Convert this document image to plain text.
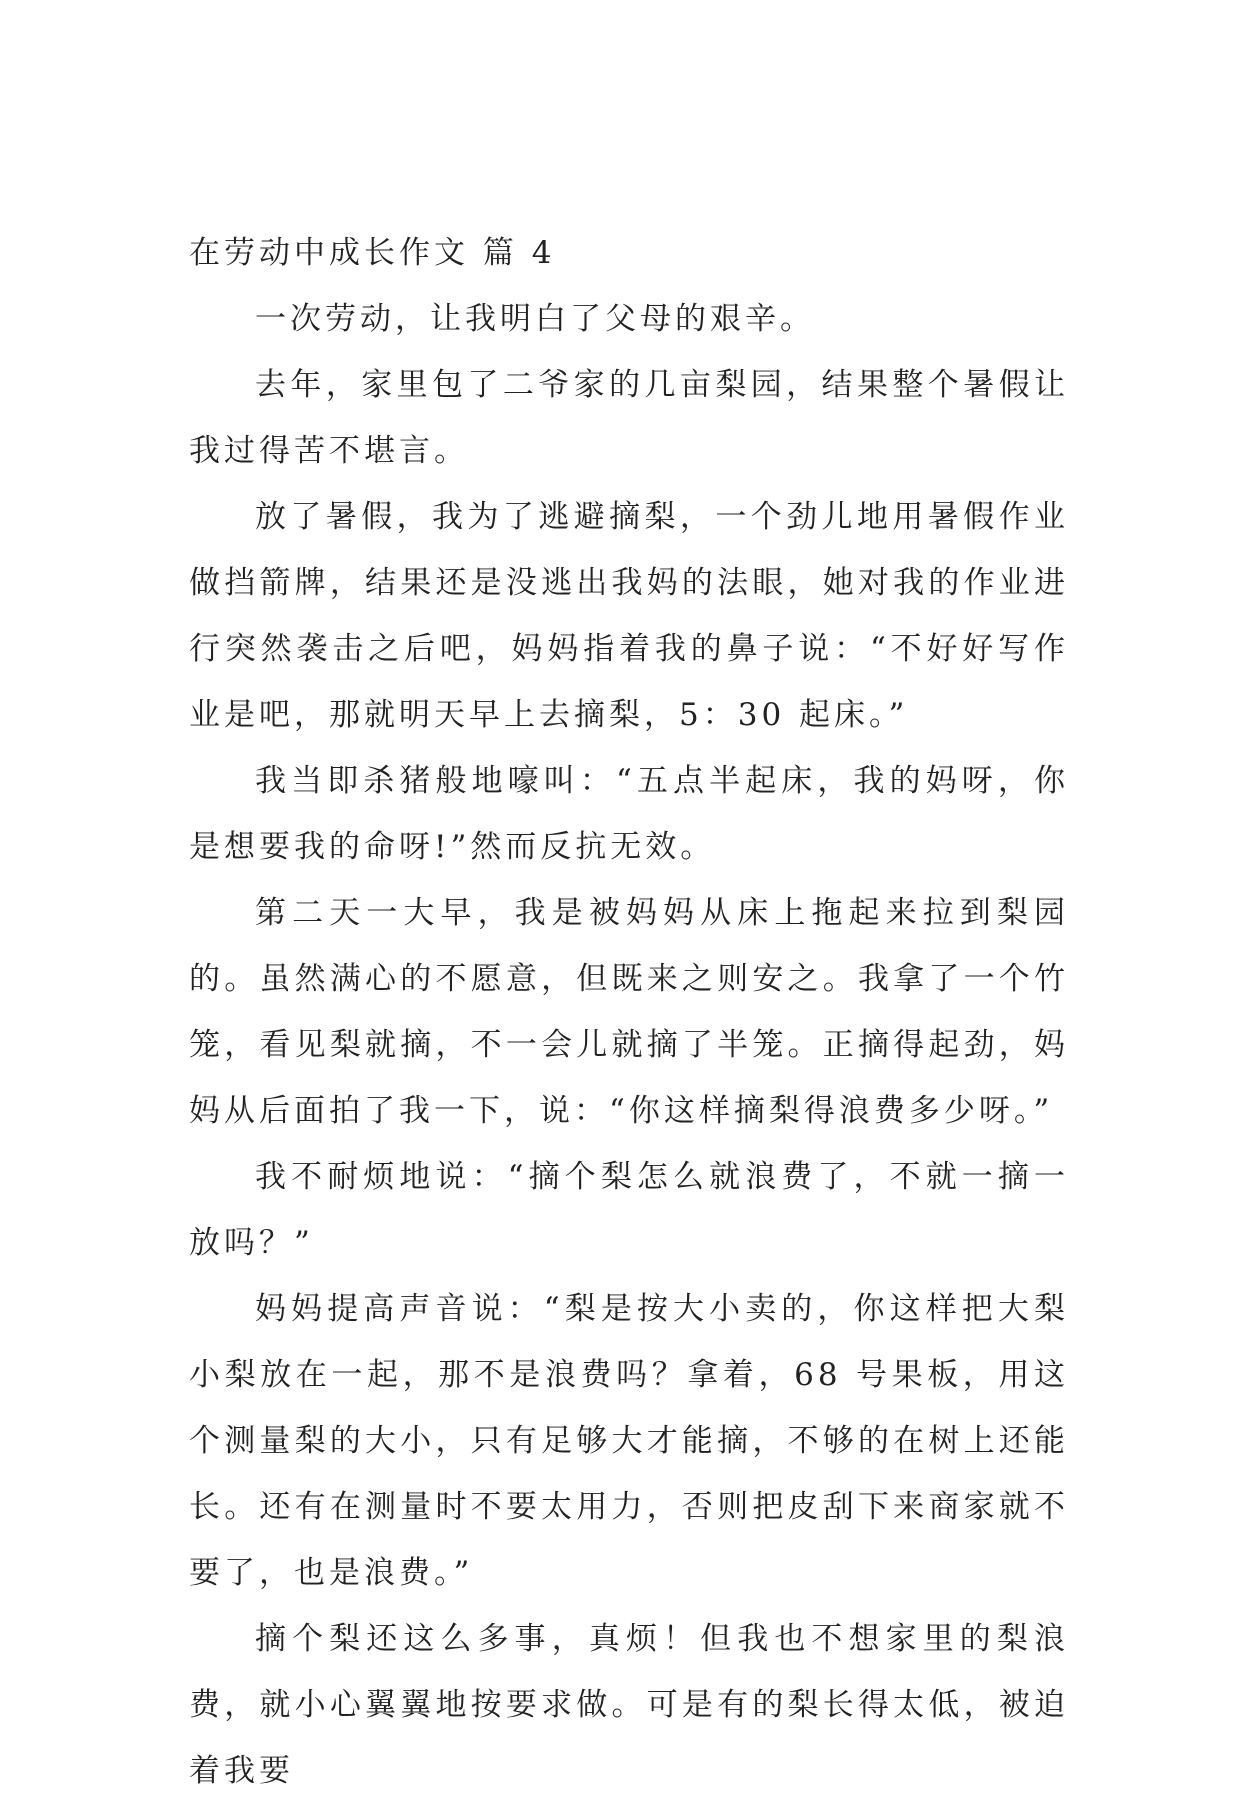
在劳动中成长作文 篇 4

一次劳动，让我明白了父母的艰辛。

去年，家里包了二爷家的几亩梨园，结果整个暑假让我过得苦不堪言。

放了暑假，我为了逃避摘梨，一个劲儿地用暑假作业做挡箭牌，结果还是没逃出我妈的法眼，她对我的作业进行突然袭击之后吧，妈妈指着我的鼻子说：“不好好写作业是吧，那就明天早上去摘梨，5：30 起床。”

我当即杀猪般地嚎叫：“五点半起床，我的妈呀，你是想要我的命呀!”然而反抗无效。

第二天一大早，我是被妈妈从床上拖起来拉到梨园的。虽然满心的不愿意，但既来之则安之。我拿了一个竹笼，看见梨就摘，不一会儿就摘了半笼。正摘得起劲，妈妈从后面拍了我一下，说：“你这样摘梨得浪费多少呀。”

我不耐烦地说：“摘个梨怎么就浪费了，不就一摘一放吗？”

妈妈提高声音说：“梨是按大小卖的，你这样把大梨小梨放在一起，那不是浪费吗？拿着，68 号果板，用这个测量梨的大小，只有足够大才能摘，不够的在树上还能长。还有在测量时不要太用力，否则把皮刮下来商家就不要了，也是浪费。”

摘个梨还这么多事，真烦！但我也不想家里的梨浪费，就小心翼翼地按要求做。可是有的梨长得太低，被迫着我要
